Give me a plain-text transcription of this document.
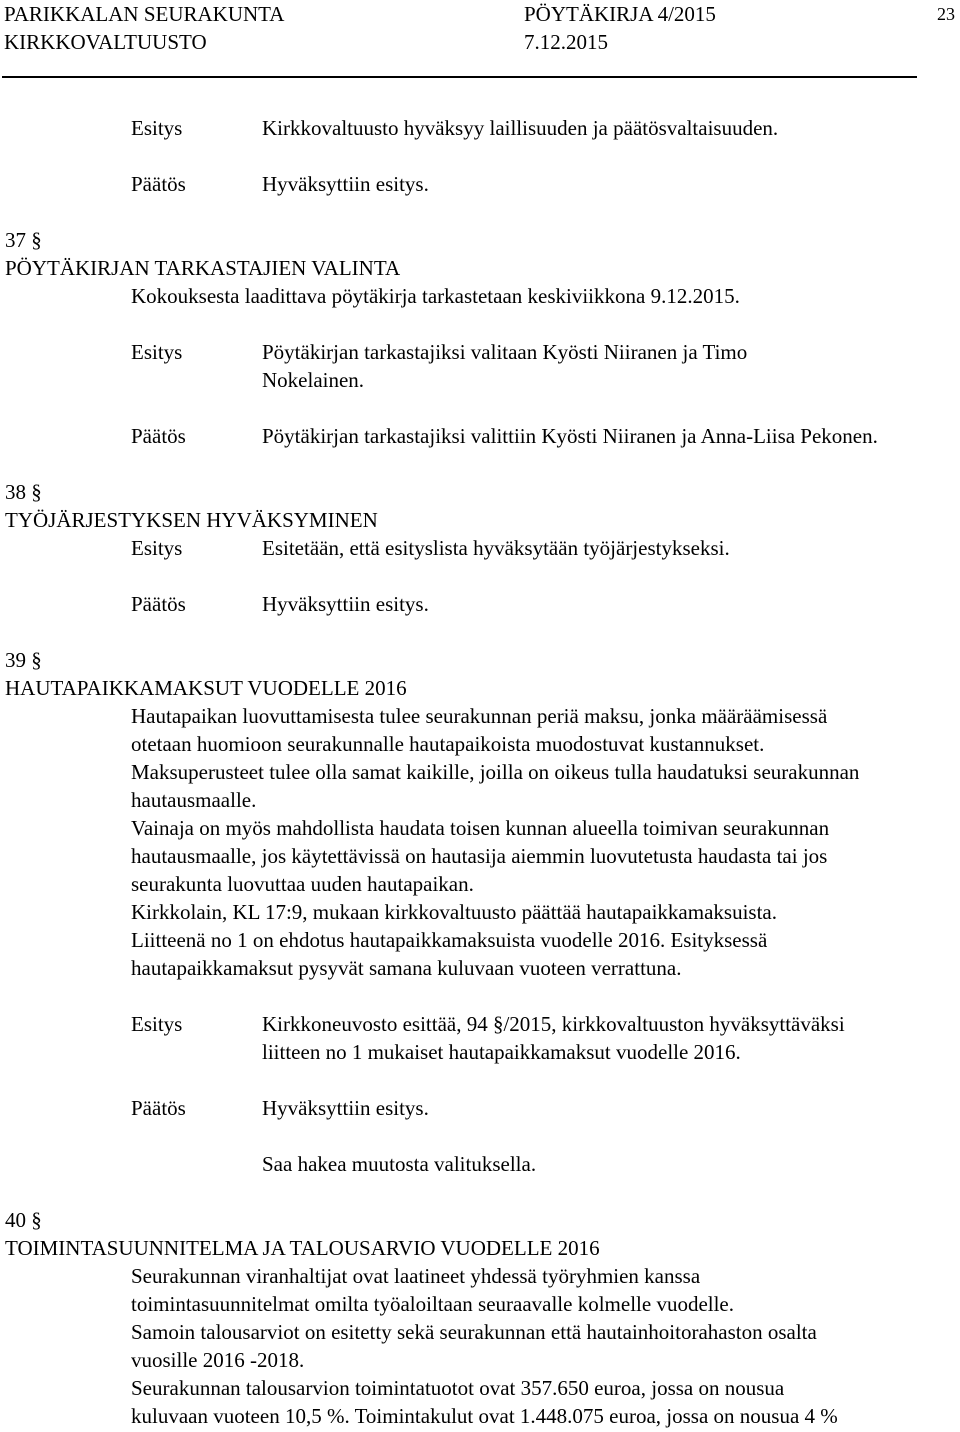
PARIKKALAN SEURAKUNTA
KIRKKOVALTUUSTO
PÖYTÄKIRJA 4/2015
7.12.2015
23
Esitys	Kirkkovaltuusto hyväksyy laillisuuden ja päätösvaltaisuuden.
Päätös	Hyväksyttiin esitys.
37 §
PÖYTÄKIRJAN TARKASTAJIEN VALINTA
Kokouksesta laadittava pöytäkirja tarkastetaan keskiviikkona 9.12.2015.
Esitys	Pöytäkirjan tarkastajiksi valitaan Kyösti Niiranen ja Timo
Nokelainen.
Päätös	Pöytäkirjan tarkastajiksi valittiin Kyösti Niiranen ja Anna-Liisa Pekonen.
38 §
TYÖJÄRJESTYKSEN HYVÄKSYMINEN
Esitys	Esitetään, että esityslista hyväksytään työjärjestykseksi.
Päätös	Hyväksyttiin esitys.
39 §
HAUTAPAIKKAMAKSUT VUODELLE 2016
Hautapaikan luovuttamisesta tulee seurakunnan periä maksu, jonka määräämisessä
otetaan huomioon seurakunnalle hautapaikoista muodostuvat kustannukset.
Maksuperusteet tulee olla samat kaikille, joilla on oikeus tulla haudatuksi seurakunnan
hautausmaalle.
Vainaja on myös mahdollista haudata toisen kunnan alueella toimivan seurakunnan
hautausmaalle, jos käytettävissä on hautasija aiemmin luovutetusta haudasta tai jos
seurakunta luovuttaa uuden hautapaikan.
Kirkkolain, KL 17:9, mukaan kirkkovaltuusto päättää hautapaikkamaksuista.
Liitteenä no 1 on ehdotus hautapaikkamaksuista vuodelle 2016. Esityksessä
hautapaikkamaksut pysyvät samana kuluvaan vuoteen verrattuna.
Esitys	Kirkkoneuvosto esittää, 94 §/2015, kirkkovaltuuston hyväksyttäväksi
liitteen no 1 mukaiset hautapaikkamaksut vuodelle 2016.
Päätös	Hyväksyttiin esitys.
Saa hakea muutosta valituksella.
40 §
TOIMINTASUUNNITELMA JA TALOUSARVIO VUODELLE 2016
Seurakunnan viranhaltijat ovat laatineet yhdessä työryhmien kanssa
toimintasuunnitelmat omilta työaloiltaan seuraavalle kolmelle vuodelle.
Samoin talousarviot on esitetty sekä seurakunnan että hautainhoitorahaston osalta
vuosille 2016 -2018.
Seurakunnan talousarvion toimintatuotot ovat 357.650 euroa, jossa on nousua
kuluvaan vuoteen 10,5 %. Toimintakulut ovat 1.448.075 euroa, jossa on nousua 4 %
